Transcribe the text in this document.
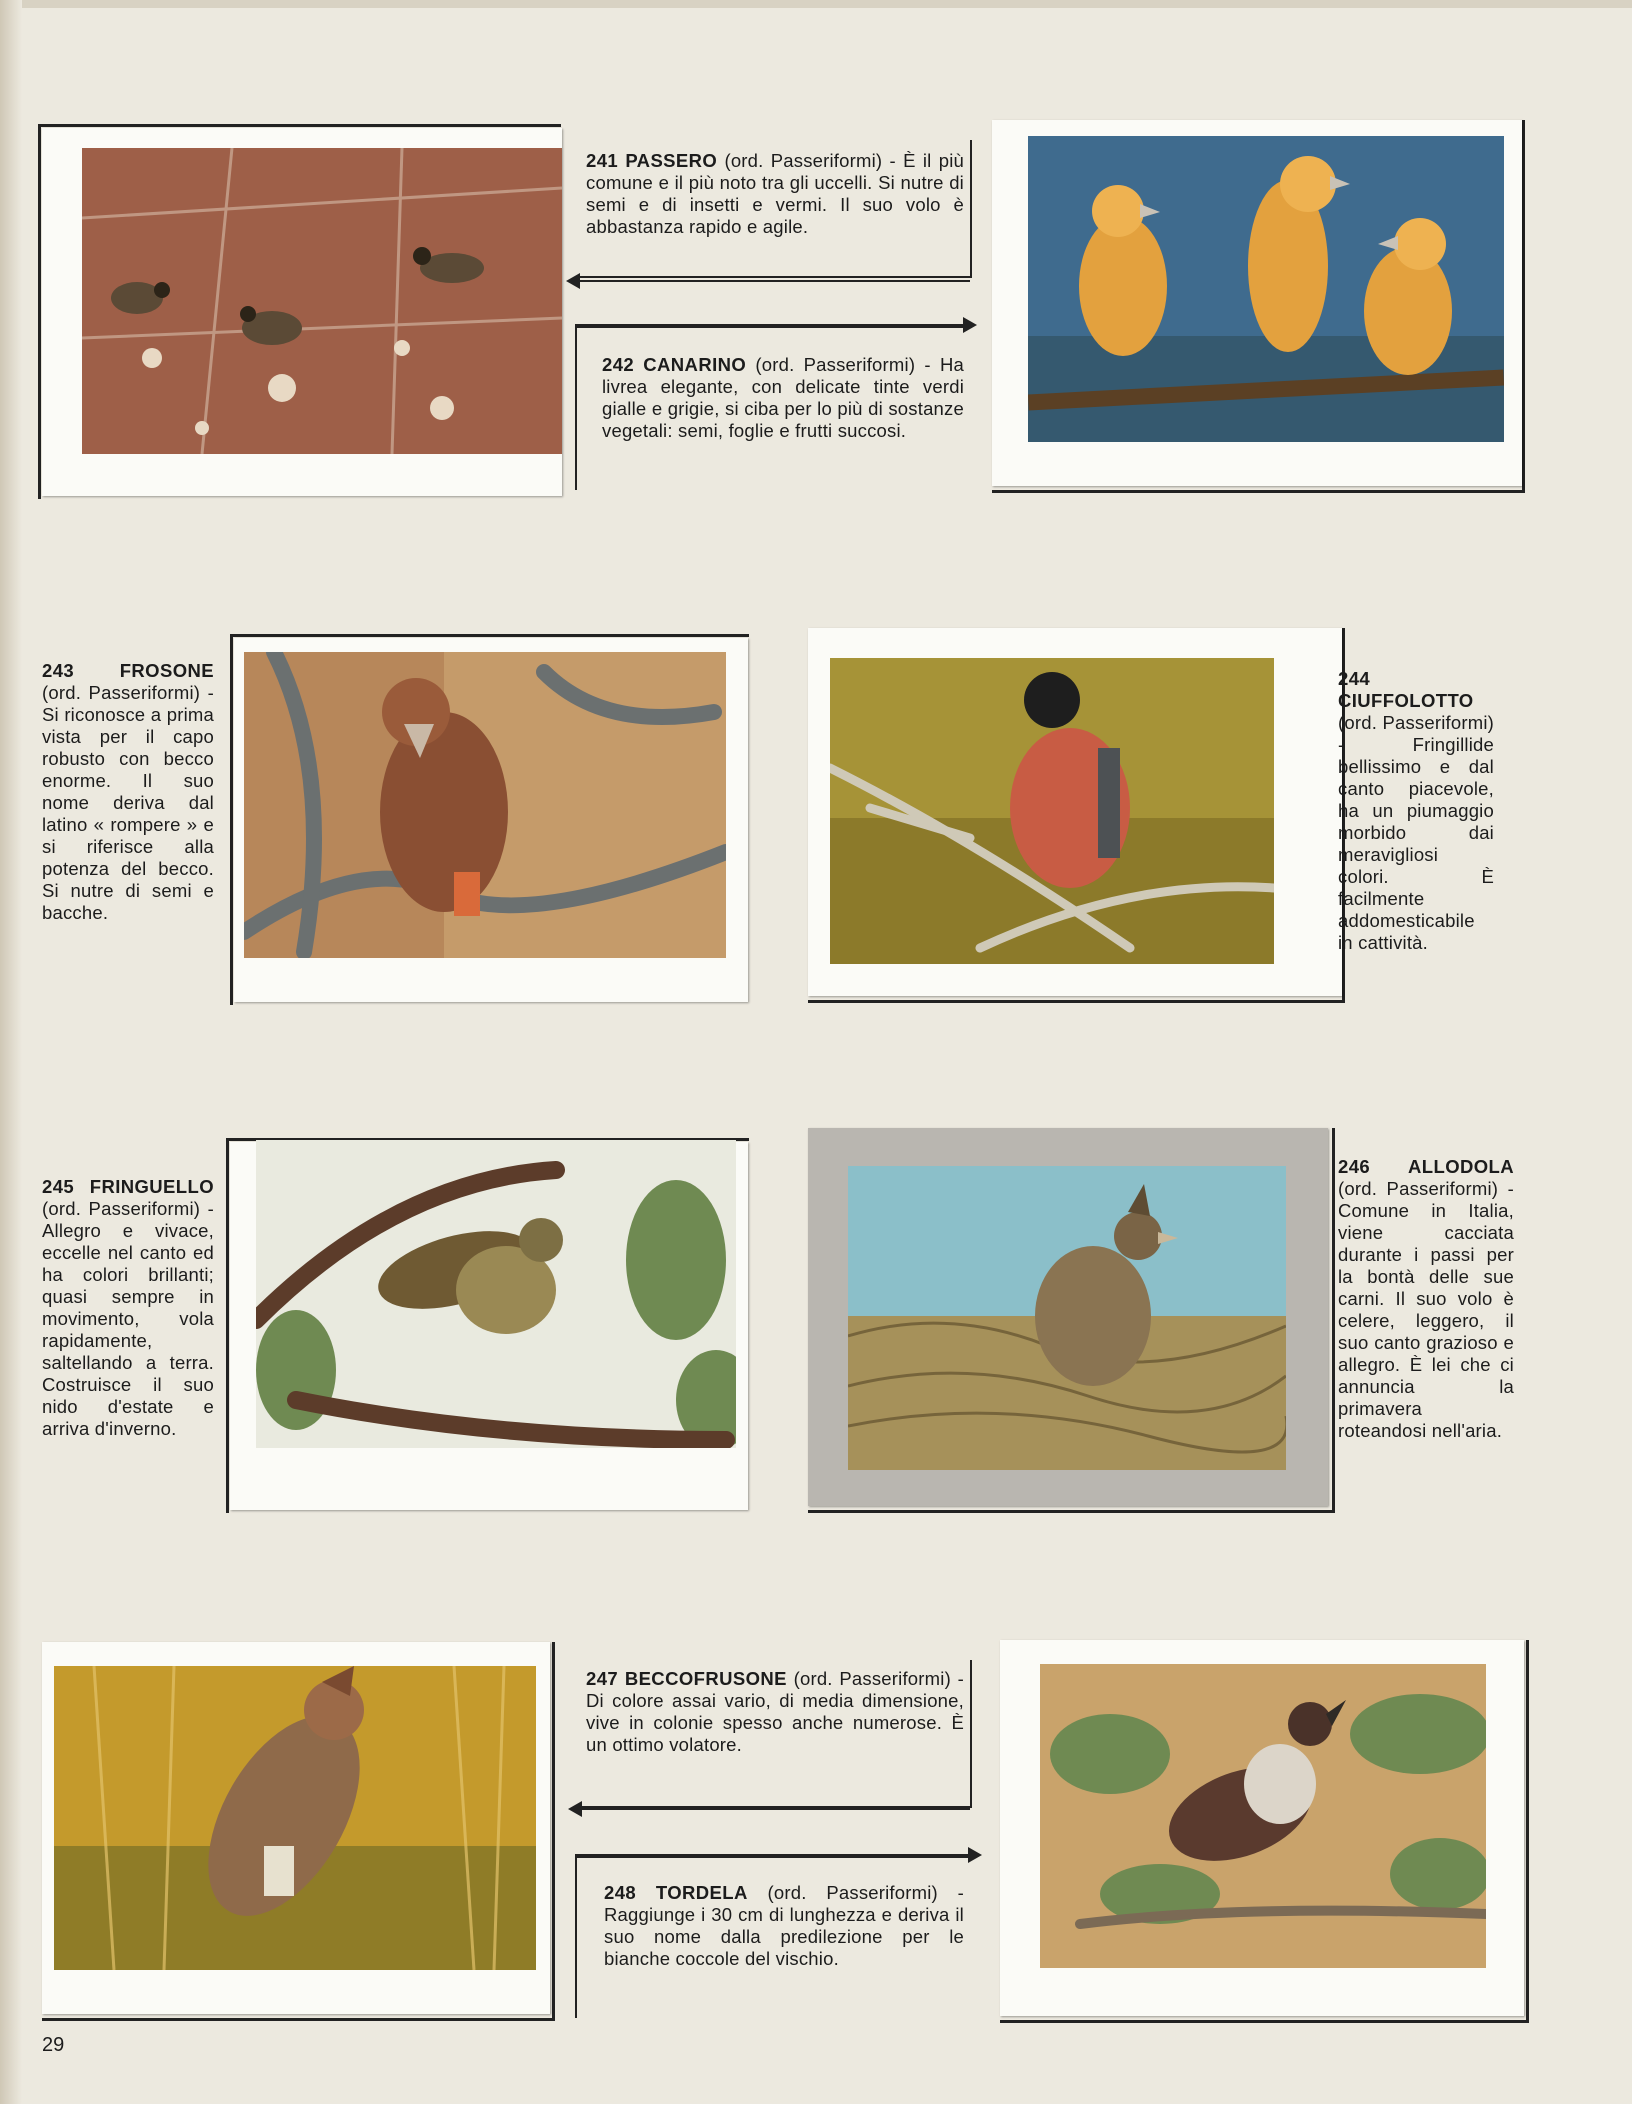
241 PASSERO (ord. Passeriformi) - È il più comune e il più noto tra gli uccelli. Si nutre di semi e di insetti e vermi. Il suo volo è abbastanza rapido e agile.
242 CANARINO (ord. Passeriformi) - Ha livrea elegante, con delicate tinte verdi gialle e grigie, si ciba per lo più di sostanze vegetali: semi, foglie e frutti succosi.
243 FROSONE (ord. Passeriformi) - Si riconosce a prima vista per il capo robusto con becco enorme. Il suo nome deriva dal latino « rompere » e si riferisce alla potenza del becco. Si nutre di semi e bacche.
244 CIUFFOLOTTO (ord. Passeriformi) - Fringillide bellissimo e dal canto piacevole, ha un piumaggio morbido dai meravigliosi colori. È facilmente addomesticabile in cattività.
245 FRINGUELLO (ord. Passeriformi) - Allegro e vivace, eccelle nel canto ed ha colori brillanti; quasi sempre in movimento, vola rapidamente, saltellando a terra. Costruisce il suo nido d'estate e arriva d'inverno.
246 ALLODOLA (ord. Passeriformi) - Comune in Italia, viene cacciata durante i passi per la bontà delle sue carni. Il suo volo è celere, leggero, il suo canto grazioso e allegro. È lei che ci annuncia la primavera roteandosi nell'aria.
247 BECCOFRUSONE (ord. Passeriformi) - Di colore assai vario, di media dimensione, vive in colonie spesso anche numerose. È un ottimo volatore.
248 TORDELA (ord. Passeriformi) - Raggiunge i 30 cm di lunghezza e deriva il suo nome dalla predilezione per le bianche coccole del vischio.
29
